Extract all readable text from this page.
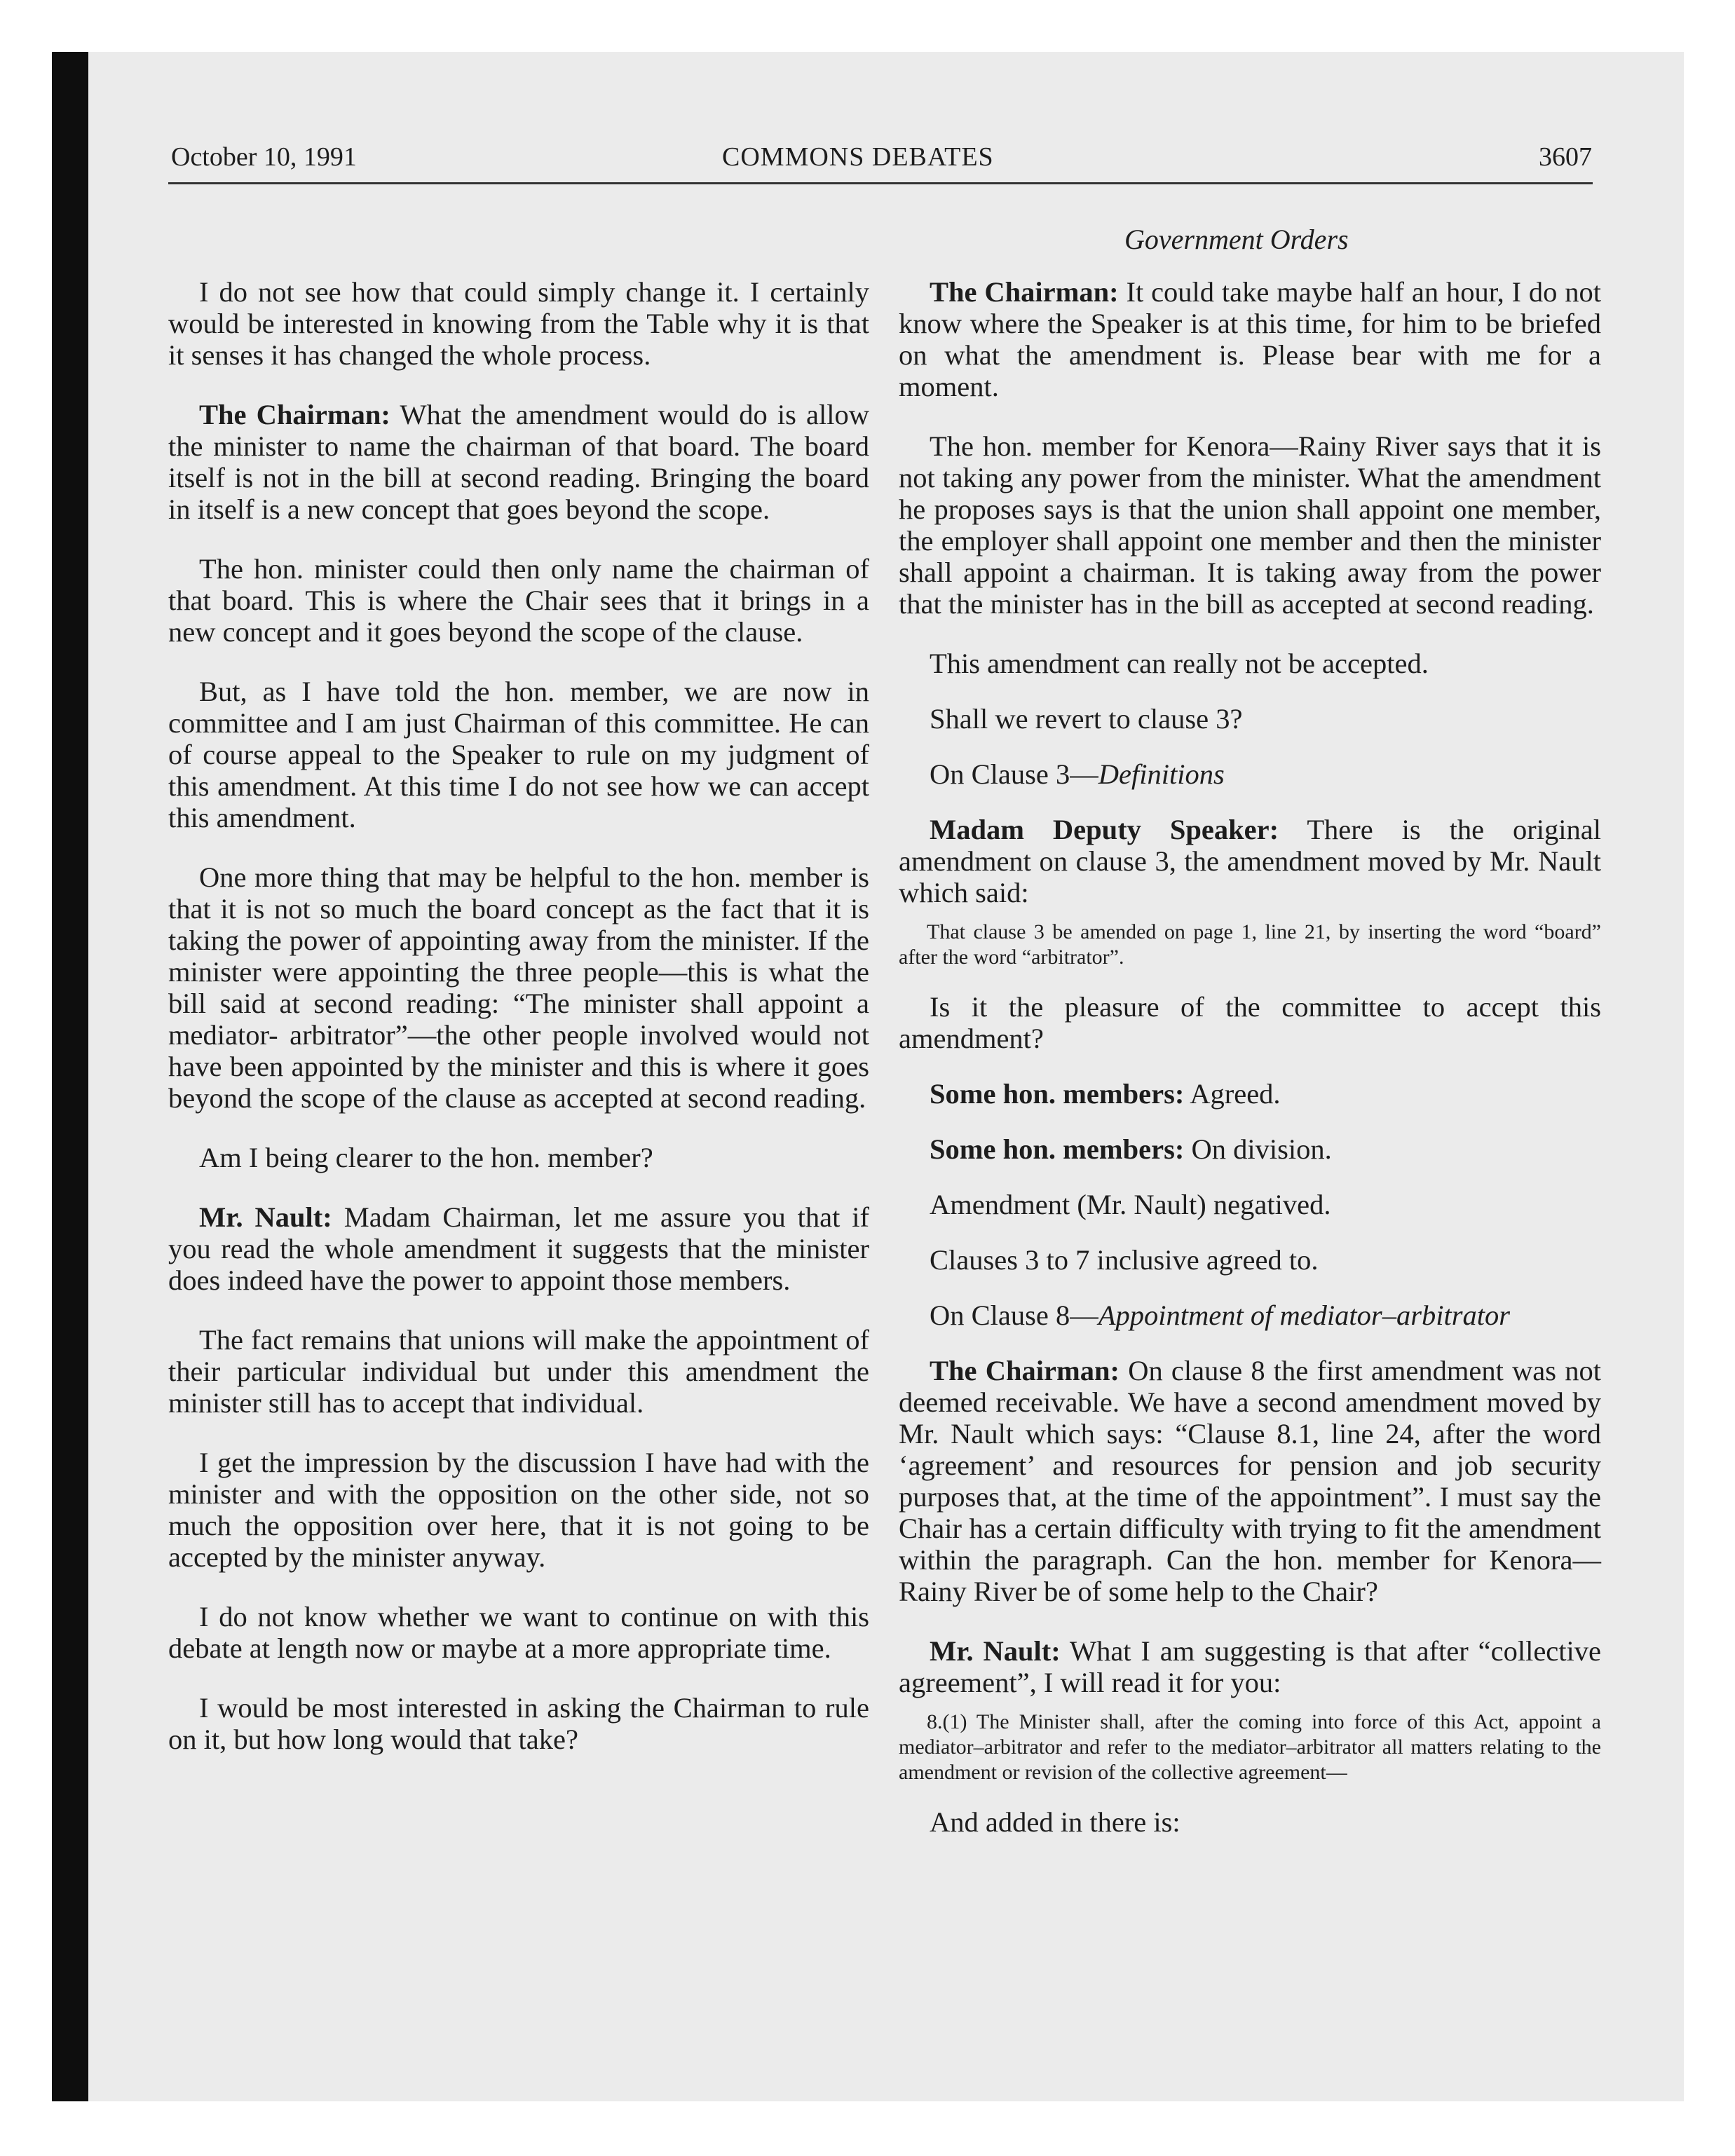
October 10, 1991	COMMONS DEBATES	3607
Government Orders

I do not see how that could simply change it. I certainly would be interested in knowing from the Table why it is that it senses it has changed the whole process.

The Chairman: What the amendment would do is allow the minister to name the chairman of that board. The board itself is not in the bill at second reading. Bringing the board in itself is a new concept that goes beyond the scope.

The hon. minister could then only name the chairman of that board. This is where the Chair sees that it brings in a new concept and it goes beyond the scope of the clause.

But, as I have told the hon. member, we are now in committee and I am just Chairman of this committee. He can of course appeal to the Speaker to rule on my judgment of this amendment. At this time I do not see how we can accept this amendment.

One more thing that may be helpful to the hon. member is that it is not so much the board concept as the fact that it is taking the power of appointing away from the minister. If the minister were appointing the three people—this is what the bill said at second reading: “The minister shall appoint a mediator- arbitrator”—the other people involved would not have been appointed by the minister and this is where it goes beyond the scope of the clause as accepted at second reading.

Am I being clearer to the hon. member?

Mr. Nault: Madam Chairman, let me assure you that if you read the whole amendment it suggests that the minister does indeed have the power to appoint those members.

The fact remains that unions will make the appointment of their particular individual but under this amendment the minister still has to accept that individual.

I get the impression by the discussion I have had with the minister and with the opposition on the other side, not so much the opposition over here, that it is not going to be accepted by the minister anyway.

I do not know whether we want to continue on with this debate at length now or maybe at a more appropriate time.

I would be most interested in asking the Chairman to rule on it, but how long would that take?

The Chairman: It could take maybe half an hour, I do not know where the Speaker is at this time, for him to be briefed on what the amendment is. Please bear with me for a moment.

The hon. member for Kenora—Rainy River says that it is not taking any power from the minister. What the amendment he proposes says is that the union shall appoint one member, the employer shall appoint one member and then the minister shall appoint a chairman. It is taking away from the power that the minister has in the bill as accepted at second reading.

This amendment can really not be accepted.

Shall we revert to clause 3?

On Clause 3—Definitions

Madam Deputy Speaker: There is the original amendment on clause 3, the amendment moved by Mr. Nault which said:

That clause 3 be amended on page 1, line 21, by inserting the word “board” after the word “arbitrator”.

Is it the pleasure of the committee to accept this amendment?

Some hon. members: Agreed.

Some hon. members: On division.

Amendment (Mr. Nault) negatived.

Clauses 3 to 7 inclusive agreed to.

On Clause 8—Appointment of mediator–arbitrator

The Chairman: On clause 8 the first amendment was not deemed receivable. We have a second amendment moved by Mr. Nault which says: “Clause 8.1, line 24, after the word ‘agreement’ and resources for pension and job security purposes that, at the time of the appointment”. I must say the Chair has a certain difficulty with trying to fit the amendment within the paragraph. Can the hon. member for Kenora—Rainy River be of some help to the Chair?

Mr. Nault: What I am suggesting is that after “collective agreement”, I will read it for you:

8.(1) The Minister shall, after the coming into force of this Act, appoint a mediator–arbitrator and refer to the mediator–arbitrator all matters relating to the amendment or revision of the collective agreement—

And added in there is:
